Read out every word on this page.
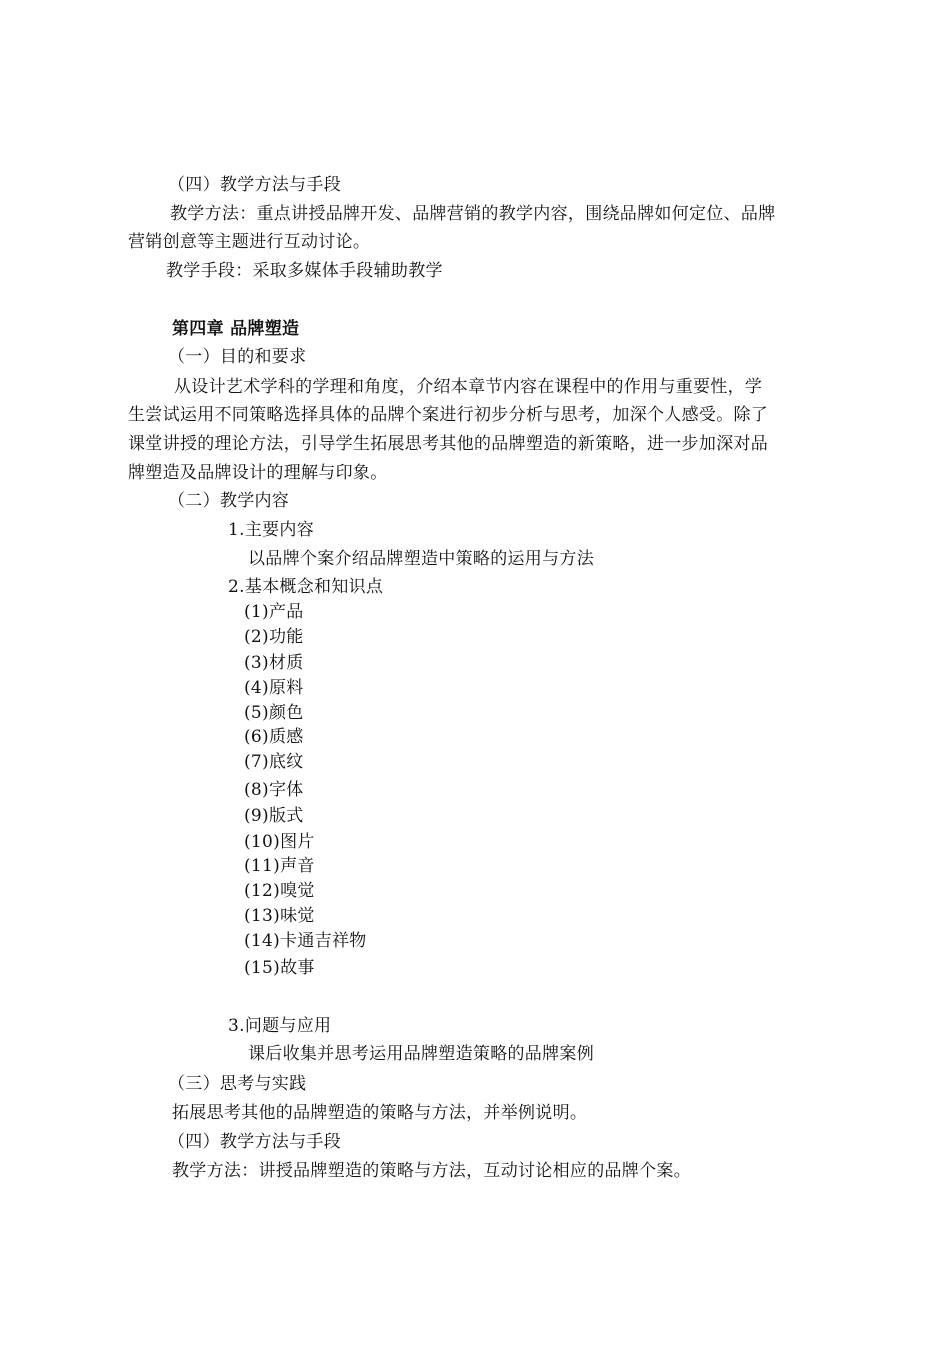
（四）教学方法与手段
教学方法：重点讲授品牌开发、品牌营销的教学内容，围绕品牌如何定位、品牌
营销创意等主题进行互动讨论。
教学手段：采取多媒体手段辅助教学
第四章 品牌塑造
（一）目的和要求
从设计艺术学科的学理和角度，介绍本章节内容在课程中的作用与重要性，学
生尝试运用不同策略选择具体的品牌个案进行初步分析与思考，加深个人感受。除了
课堂讲授的理论方法，引导学生拓展思考其他的品牌塑造的新策略，进一步加深对品
牌塑造及品牌设计的理解与印象。
（二）教学内容
1.主要内容
以品牌个案介绍品牌塑造中策略的运用与方法
2.基本概念和知识点
(1)产品
(2)功能
(3)材质
(4)原料
(5)颜色
(6)质感
(7)底纹
(8)字体
(9)版式
(10)图片
(11)声音
(12)嗅觉
(13)味觉
(14)卡通吉祥物
(15)故事
3.问题与应用
课后收集并思考运用品牌塑造策略的品牌案例
（三）思考与实践
拓展思考其他的品牌塑造的策略与方法，并举例说明。
（四）教学方法与手段
教学方法：讲授品牌塑造的策略与方法，互动讨论相应的品牌个案。
